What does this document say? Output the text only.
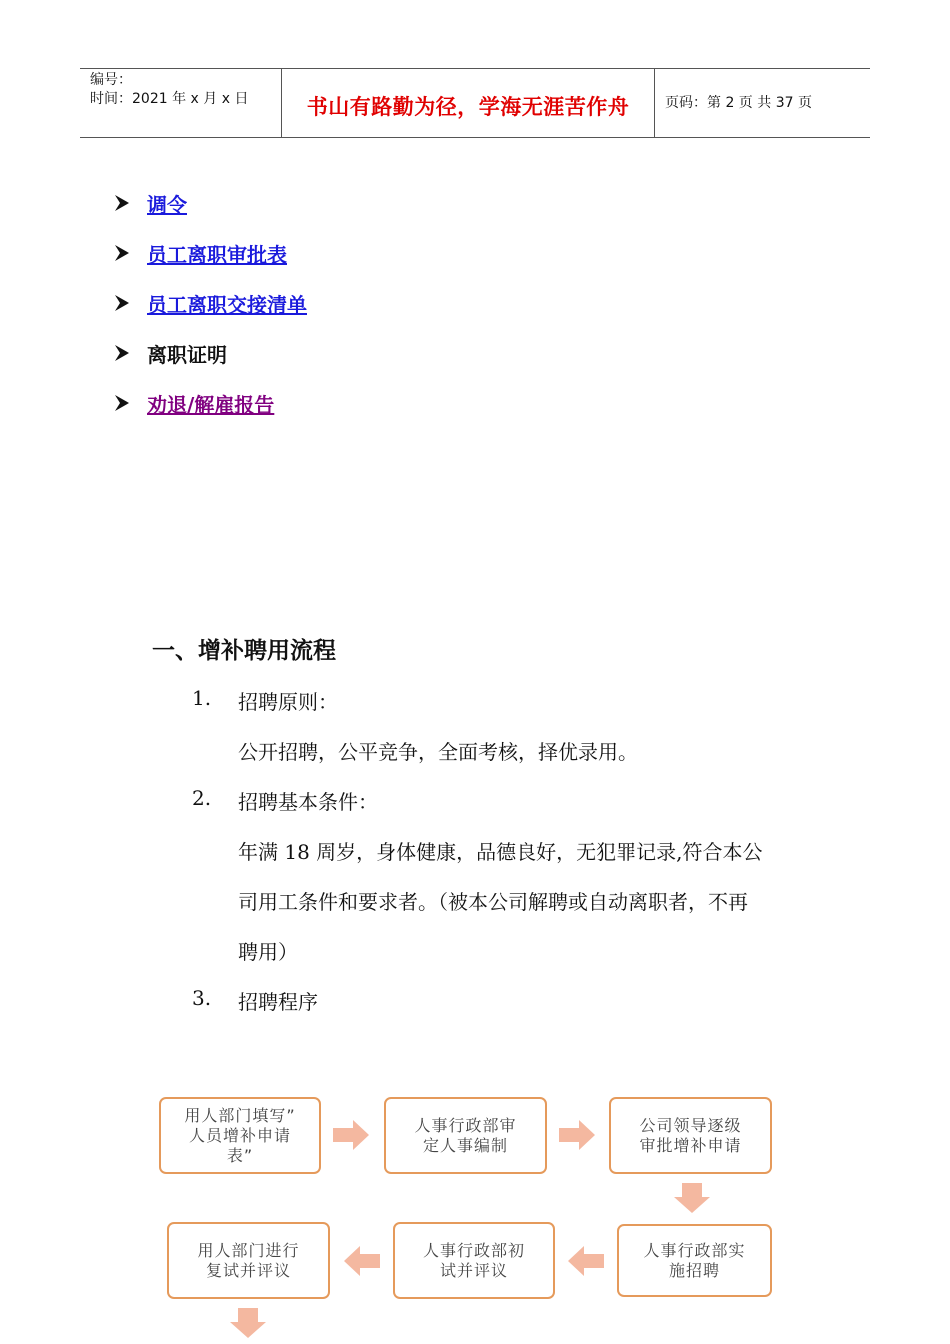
编号：
时间：2021 年 x 月 x 日	书山有路勤为径，学海无涯苦作舟	页码：第 2 页 共 37 页
调令
员工离职审批表
员工离职交接清单
离职证明
劝退/解雇报告
一、增补聘用流程
1. 招聘原则：
公开招聘，公平竞争，全面考核，择优录用。
2. 招聘基本条件：
年满 18 周岁，身体健康，品德良好，无犯罪记录,符合本公
司用工条件和要求者。（被本公司解聘或自动离职者，不再
聘用）
3. 招聘程序
用人部门填写”
人员增补申请
表”
人事行政部审
定人事编制
公司领导逐级
审批增补申请
人事行政部实
施招聘
人事行政部初
试并评议
用人部门进行
复试并评议
